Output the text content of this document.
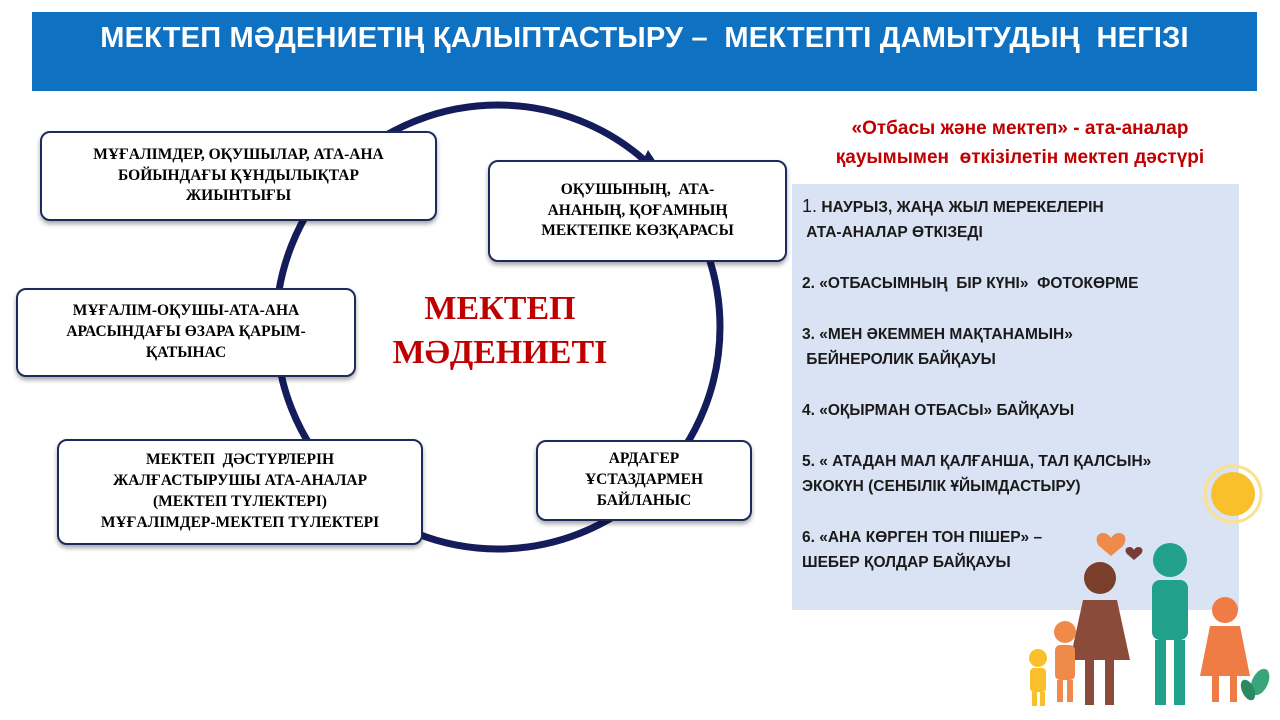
МЕКТЕП МӘДЕНИЕТІҢ ҚАЛЫПТАСТЫРУ –  МЕКТЕПТІ ДАМЫТУДЫҢ  НЕГІЗІ
МҰҒАЛІМДЕР, ОҚУШЫЛАР, АТА-АНА
БОЙЫНДАҒЫ ҚҰНДЫЛЫҚТАР
ЖИЫНТЫҒЫ	ОҚУШЫНЫҢ,  АТА-
АНАНЫҢ, ҚОҒАМНЫҢ
МЕКТЕПКЕ КӨЗҚАРАСЫ
МҰҒАЛІМ-ОҚУШЫ-АТА-АНА
АРАСЫНДАҒЫ ӨЗАРА ҚАРЫМ-
ҚАТЫНАС
МЕКТЕП  ДӘСТҮРЛЕРІН
ЖАЛҒАСТЫРУШЫ АТА-АНАЛАР
(МЕКТЕП ТҮЛЕКТЕРІ)
МҰҒАЛІМДЕР-МЕКТЕП ТҮЛЕКТЕРІ
АРДАГЕР
ҰСТАЗДАРМЕН
БАЙЛАНЫС
МЕКТЕП
МӘДЕНИЕТІ
«Отбасы және мектеп» - ата-аналар
қауымымен  өткізілетін мектеп дәстүрі
1. НАУРЫЗ, ЖАҢА ЖЫЛ МЕРЕКЕЛЕРІН
АТА-АНАЛАР ӨТКІЗЕДІ
2. «ОТБАСЫМНЫҢ  БІР КҮНІ»  ФОТОКӨРМЕ
3. «МЕН ӘКЕММЕН МАҚТАНАМЫН»
БЕЙНЕРОЛИК БАЙҚАУЫ
4. «ОҚЫРМАН ОТБАСЫ» БАЙҚАУЫ
5. « АТАДАН МАЛ ҚАЛҒАНША, ТАЛ ҚАЛСЫН»
ЭКОКҮН (СЕНБІЛІК ҰЙЫМДАСТЫРУ)
6. «АНА КӨРГЕН ТОН ПІШЕР» –
ШЕБЕР ҚОЛДАР БАЙҚАУЫ
